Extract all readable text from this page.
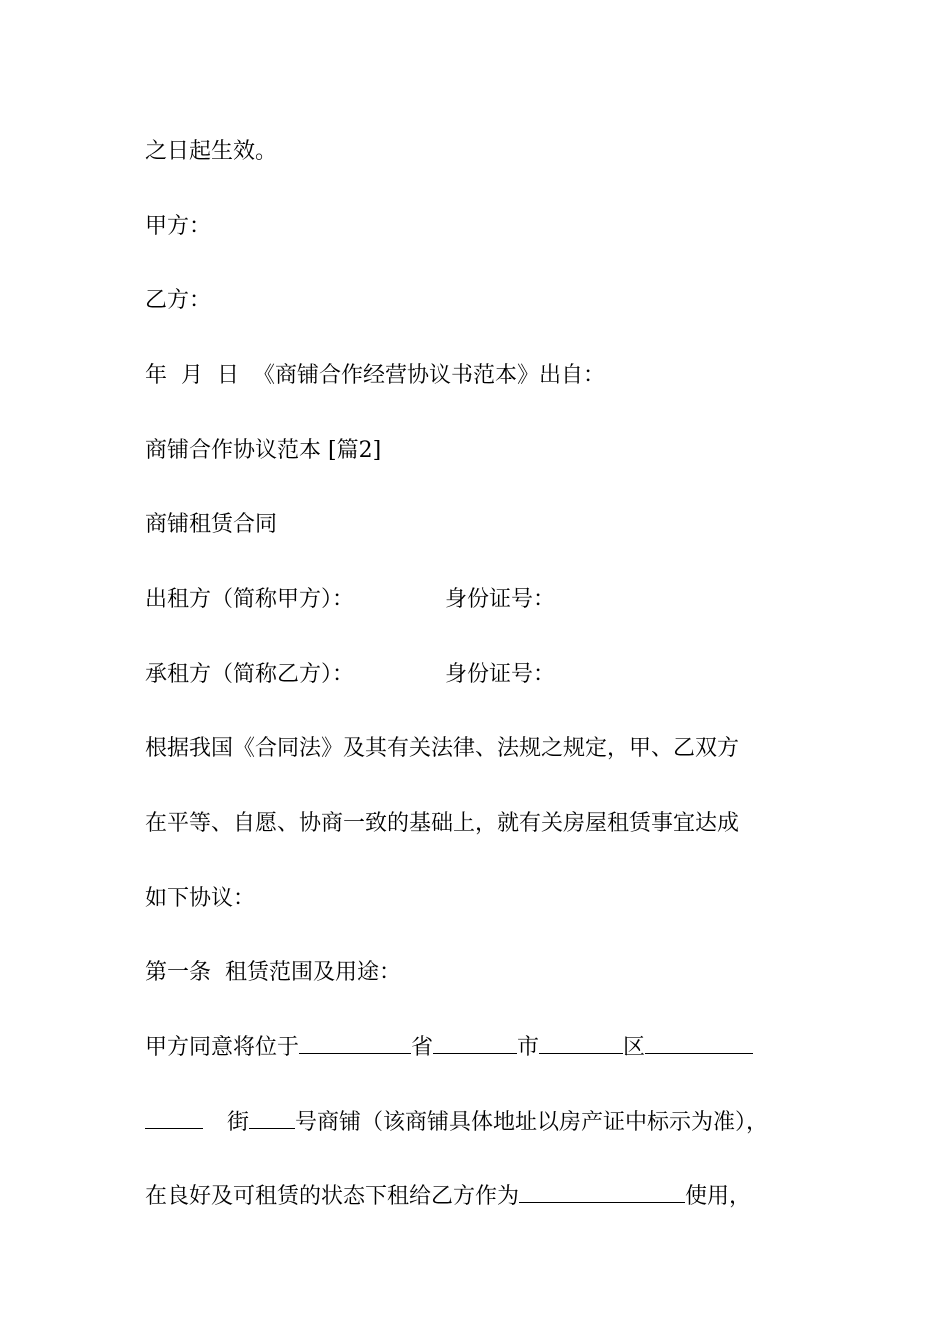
之日起生效。
甲方：
乙方：
年  月  日  《商铺合作经营协议书范本》出自：
商铺合作协议范本 [篇2]
商铺租赁合同
出租方（简称甲方）：	身份证号：
承租方（简称乙方）：	身份证号：
根据我国《合同法》及其有关法律、法规之规定，甲、乙双方
在平等、自愿、协商一致的基础上，就有关房屋租赁事宜达成
如下协议：
第一条  租赁范围及用途：
甲方同意将位于	省	市	区
街 号商铺（该商铺具体地址以房产证中标示为准），
在良好及可租赁的状态下租给乙方作为	使用，
